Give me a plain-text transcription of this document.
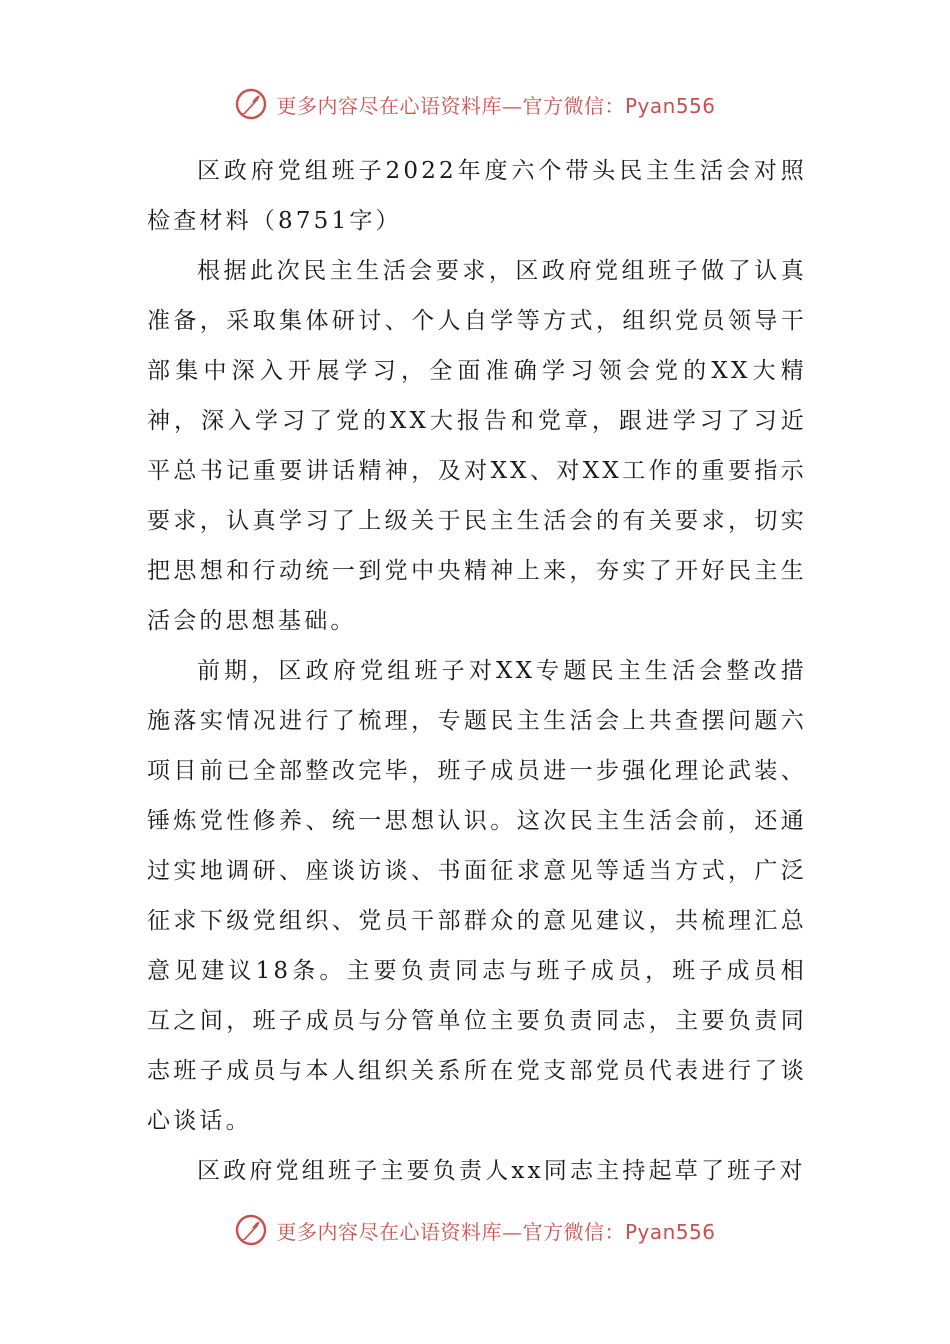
更多内容尽在心语资料库—官方微信：Pyan556

区政府党组班子2022年度六个带头民主生活会对照检查材料（8751字）

根据此次民主生活会要求，区政府党组班子做了认真准备，采取集体研讨、个人自学等方式，组织党员领导干部集中深入开展学习，全面准确学习领会党的XX大精神，深入学习了党的XX大报告和党章，跟进学习了习近平总书记重要讲话精神，及对XX、对XX工作的重要指示要求，认真学习了上级关于民主生活会的有关要求，切实把思想和行动统一到党中央精神上来，夯实了开好民主生活会的思想基础。

前期，区政府党组班子对XX专题民主生活会整改措施落实情况进行了梳理，专题民主生活会上共查摆问题六项目前已全部整改完毕，班子成员进一步强化理论武装、锤炼党性修养、统一思想认识。这次民主生活会前，还通过实地调研、座谈访谈、书面征求意见等适当方式，广泛征求下级党组织、党员干部群众的意见建议，共梳理汇总意见建议18条。主要负责同志与班子成员，班子成员相互之间，班子成员与分管单位主要负责同志，主要负责同志班子成员与本人组织关系所在党支部党员代表进行了谈心谈话。

区政府党组班子主要负责人xx同志主持起草了班子对

更多内容尽在心语资料库—官方微信：Pyan556
